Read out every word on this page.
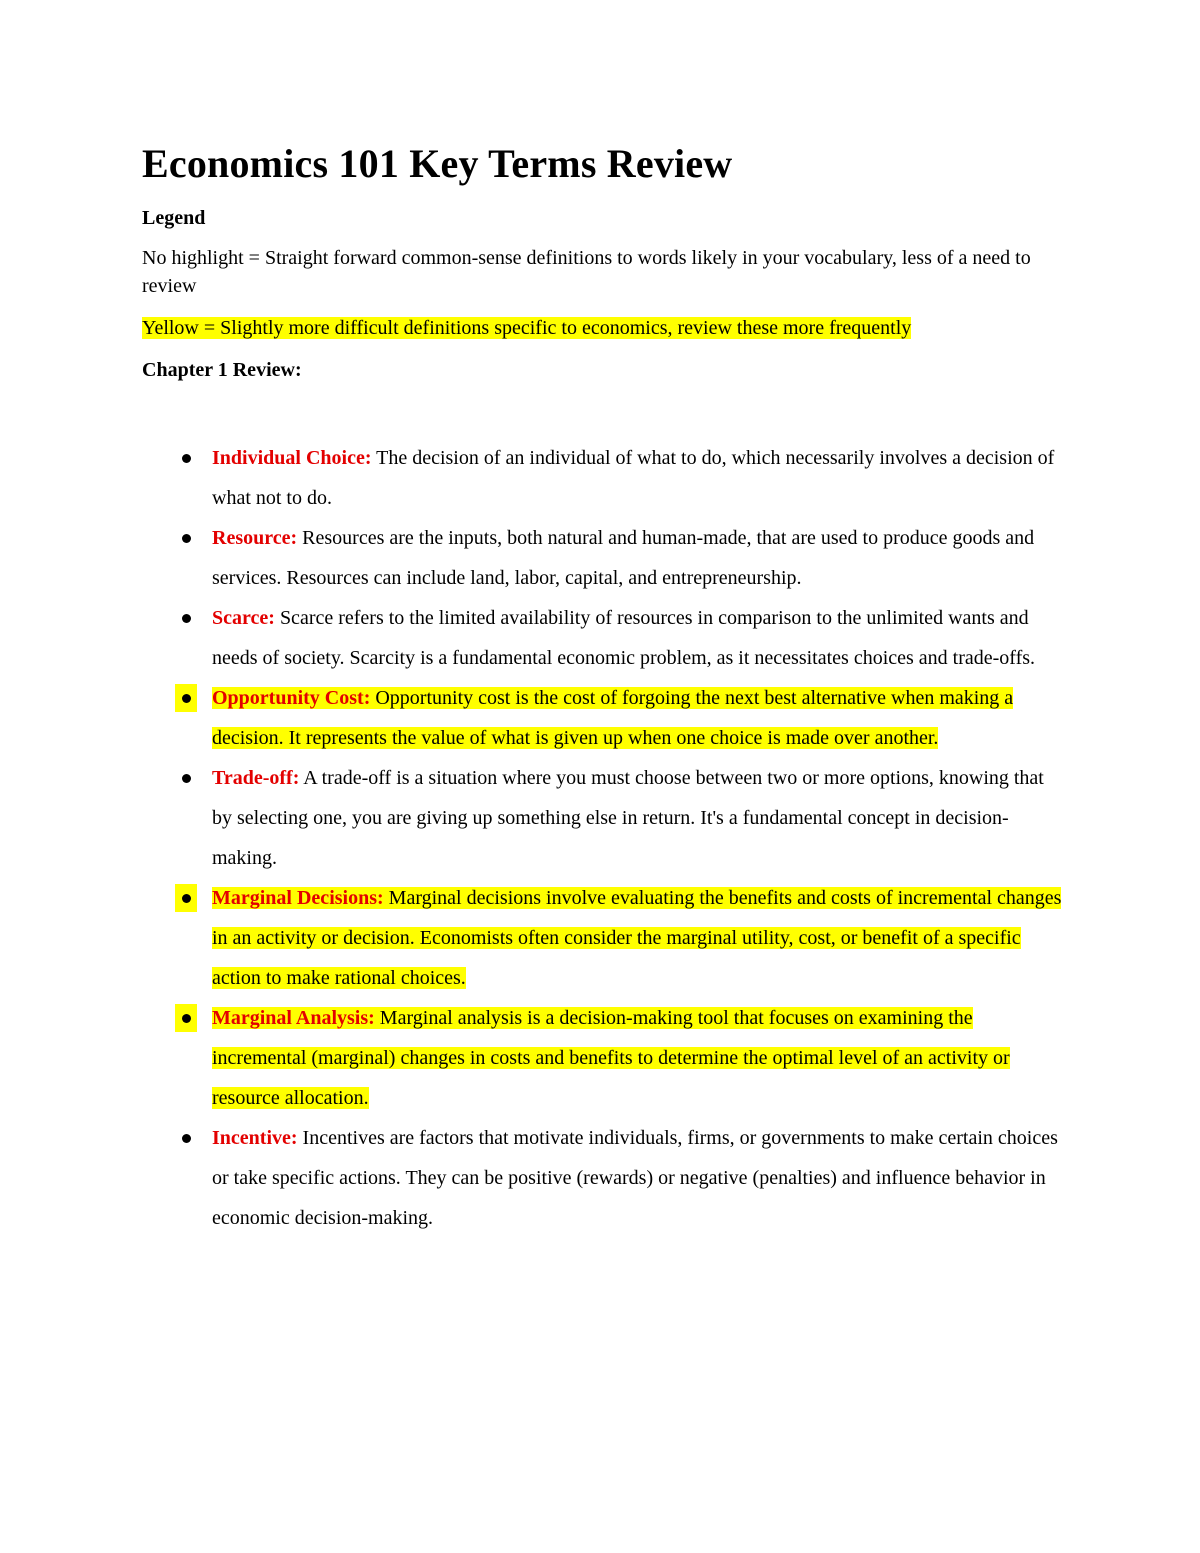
Economics 101 Key Terms Review

Legend

No highlight = Straight forward common-sense definitions to words likely in your vocabulary, less of a need to review

Yellow = Slightly more difficult definitions specific to economics, review these more frequently

Chapter 1 Review:

Individual Choice: The decision of an individual of what to do, which necessarily involves a decision of what not to do.
Resource: Resources are the inputs, both natural and human-made, that are used to produce goods and services. Resources can include land, labor, capital, and entrepreneurship.
Scarce: Scarce refers to the limited availability of resources in comparison to the unlimited wants and needs of society. Scarcity is a fundamental economic problem, as it necessitates choices and trade-offs.
Opportunity Cost: Opportunity cost is the cost of forgoing the next best alternative when making a decision. It represents the value of what is given up when one choice is made over another.
Trade-off: A trade-off is a situation where you must choose between two or more options, knowing that by selecting one, you are giving up something else in return. It's a fundamental concept in decision-making.
Marginal Decisions: Marginal decisions involve evaluating the benefits and costs of incremental changes in an activity or decision. Economists often consider the marginal utility, cost, or benefit of a specific action to make rational choices.
Marginal Analysis: Marginal analysis is a decision-making tool that focuses on examining the incremental (marginal) changes in costs and benefits to determine the optimal level of an activity or resource allocation.
Incentive: Incentives are factors that motivate individuals, firms, or governments to make certain choices or take specific actions. They can be positive (rewards) or negative (penalties) and influence behavior in economic decision-making.
